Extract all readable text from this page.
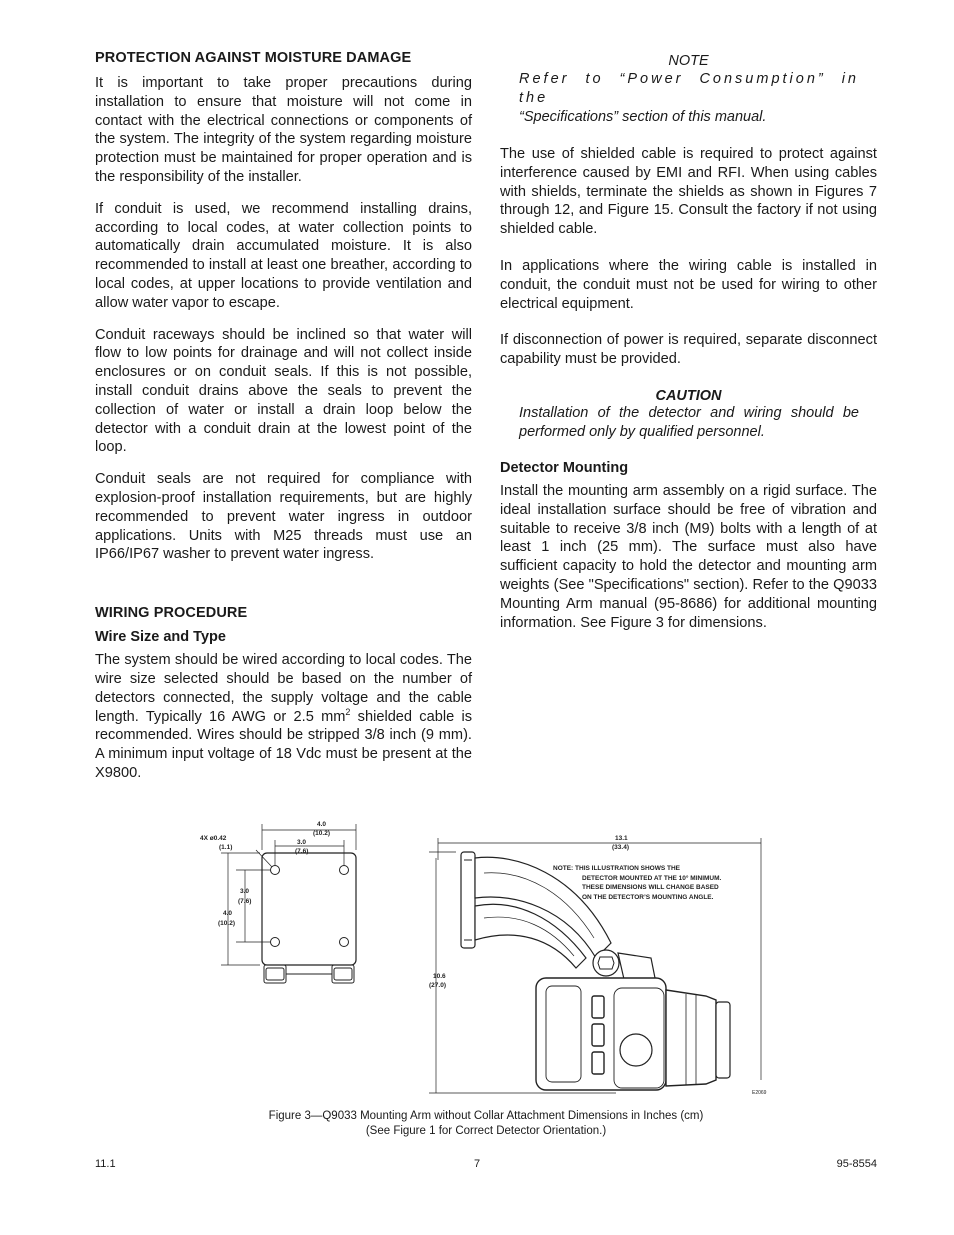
PROTECTION AGAINST MOISTURE DAMAGE

It is important to take proper precautions during installation to ensure that moisture will not come in contact with the electrical connections or components of the system. The integrity of the system regarding moisture protection must be maintained for proper operation and is the responsibility of the installer.

If conduit is used, we recommend installing drains, according to local codes, at water collection points to automatically drain accumulated moisture. It is also recommended to install at least one breather, according to local codes, at upper locations to provide ventilation and allow water vapor to escape.

Conduit raceways should be inclined so that water will flow to low points for drainage and will not collect inside enclosures or on conduit seals. If this is not possible, install conduit drains above the seals to prevent the collection of water or install a drain loop below the detector with a conduit drain at the lowest point of the loop.

Conduit seals are not required for compliance with explosion-proof installation requirements, but are highly recommended to prevent water ingress in outdoor applications. Units with M25 threads must use an IP66/IP67 washer to prevent water ingress.

WIRING PROCEDURE
Wire Size and Type

The system should be wired according to local codes. The wire size selected should be based on the number of detectors connected, the supply voltage and the cable length. Typically 16 AWG or 2.5 $mm^2$ shielded cable is recommended. Wires should be stripped 3/8 inch (9 mm). A minimum input voltage of 18 Vdc must be present at the X9800.

NOTE
Refer to “Power Consumption” in the
“Specifications” section of this manual.

The use of shielded cable is required to protect against interference caused by EMI and RFI. When using cables with shields, terminate the shields as shown in Figures 7 through 12, and Figure 15. Consult the factory if not using shielded cable.

In applications where the wiring cable is installed in conduit, the conduit must not be used for wiring to other electrical equipment.

If disconnection of power is required, separate disconnect capability must be provided.

CAUTION
Installation of the detector and wiring should be performed only by qualified personnel.
Detector Mounting

Install the mounting arm assembly on a rigid surface. The ideal installation surface should be free of vibration and suitable to receive 3/8 inch (M9) bolts with a length of at least 1 inch (25 mm). The surface must also have sufficient capacity to hold the detector and mounting arm weights (See "Specifications" section). Refer to the Q9033 Mounting Arm manual (95-8686) for additional mounting information. See Figure 3 for dimensions.

4X ø0.42
(1.1)
4.0
(10.2)
3.0
(7.6)
3.0
(7.6)
4.0
(10.2)
13.1
(33.4)
10.6
(27.0)
NOTE: THIS ILLUSTRATION SHOWS THE
DETECTOR MOUNTED AT THE 10° MINIMUM.
THESE DIMENSIONS WILL CHANGE BASED
ON THE DETECTOR’S MOUNTING ANGLE.
E2069
Figure 3—Q9033 Mounting Arm without Collar Attachment Dimensions in Inches (cm)
(See Figure 1 for Correct Detector Orientation.)
11.1	7	95-8554
